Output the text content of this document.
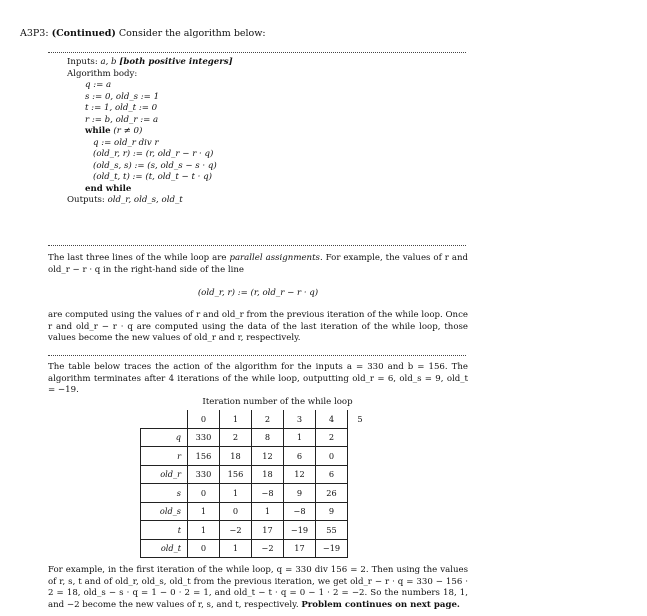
A3P3: (Continued) Consider the algorithm below:
Inputs: a, b [both positive integers]
Algorithm body:
q := a
s := 0, old_s := 1
t := 1, old_t := 0
r := b, old_r := a
while (r ≠ 0)
q := old_r div r
(old_r, r) := (r, old_r − r · q)
(old_s, s) := (s, old_s − s · q)
(old_t, t) := (t, old_t − t · q)
end while
Outputs: old_r, old_s, old_t
The last three lines of the while loop are parallel assignments. For example, the values of r and old_r − r · q in the right-hand side of the line
(old_r, r) := (r, old_r − r · q)
are computed using the values of r and old_r from the previous iteration of the while loop. Once r and old_r − r · q are computed using the data of the last iteration of the while loop, those values become the new values of old_r and r, respectively.
The table below traces the action of the algorithm for the inputs a = 330 and b = 156. The algorithm terminates after 4 iterations of the while loop, outputting old_r = 6, old_s = 9, old_t = −19.
Iteration number of the while loop
	0	1	2	3	4	5
q	330	2	8	1	2	
r	156	18	12	6	0	
old_r	330	156	18	12	6	
s	0	1	−8	9	26	
old_s	1	0	1	−8	9	
t	1	−2	17	−19	55	
old_t	0	1	−2	17	−19	
For example, in the first iteration of the while loop, q = 330 div 156 = 2. Then using the values of r, s, t and of old_r, old_s, old_t from the previous iteration, we get old_r − r · q = 330 − 156 · 2 = 18, old_s − s · q = 1 − 0 · 2 = 1, and old_t − t · q = 0 − 1 · 2 = −2. So the numbers 18, 1, and −2 become the new values of r, s, and t, respectively. Problem continues on next page.
